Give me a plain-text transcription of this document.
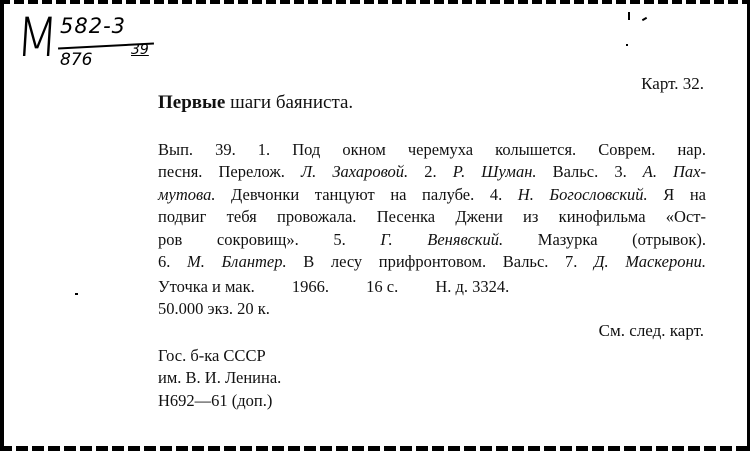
М 582-3
876	39
Карт. 32.
Первые шаги баяниста.
Вып. 39. 1. Под окном черемуха колышется. Соврем. нар.
песня. Перелож. Л. Захаровой. 2. Р. Шуман. Вальс. 3. А. Пах-
мутова. Девчонки танцуют на палубе. 4. Н. Богословский. Я на
подвиг тебя провожала. Песенка Джени из кинофильма «Ост-
ров сокровищ». 5. Г. Венявский. Мазурка (отрывок).
6. М. Блантер. В лесу прифронтовом. Вальс. 7. Д. Маскерони.
Уточка и мак.         1966.         16 с.         Н. д. 3324.
50.000 экз. 20 к.
См. след. карт.
Гос. б-ка СССР
им. В. И. Ленина.
Н692—61 (доп.)
